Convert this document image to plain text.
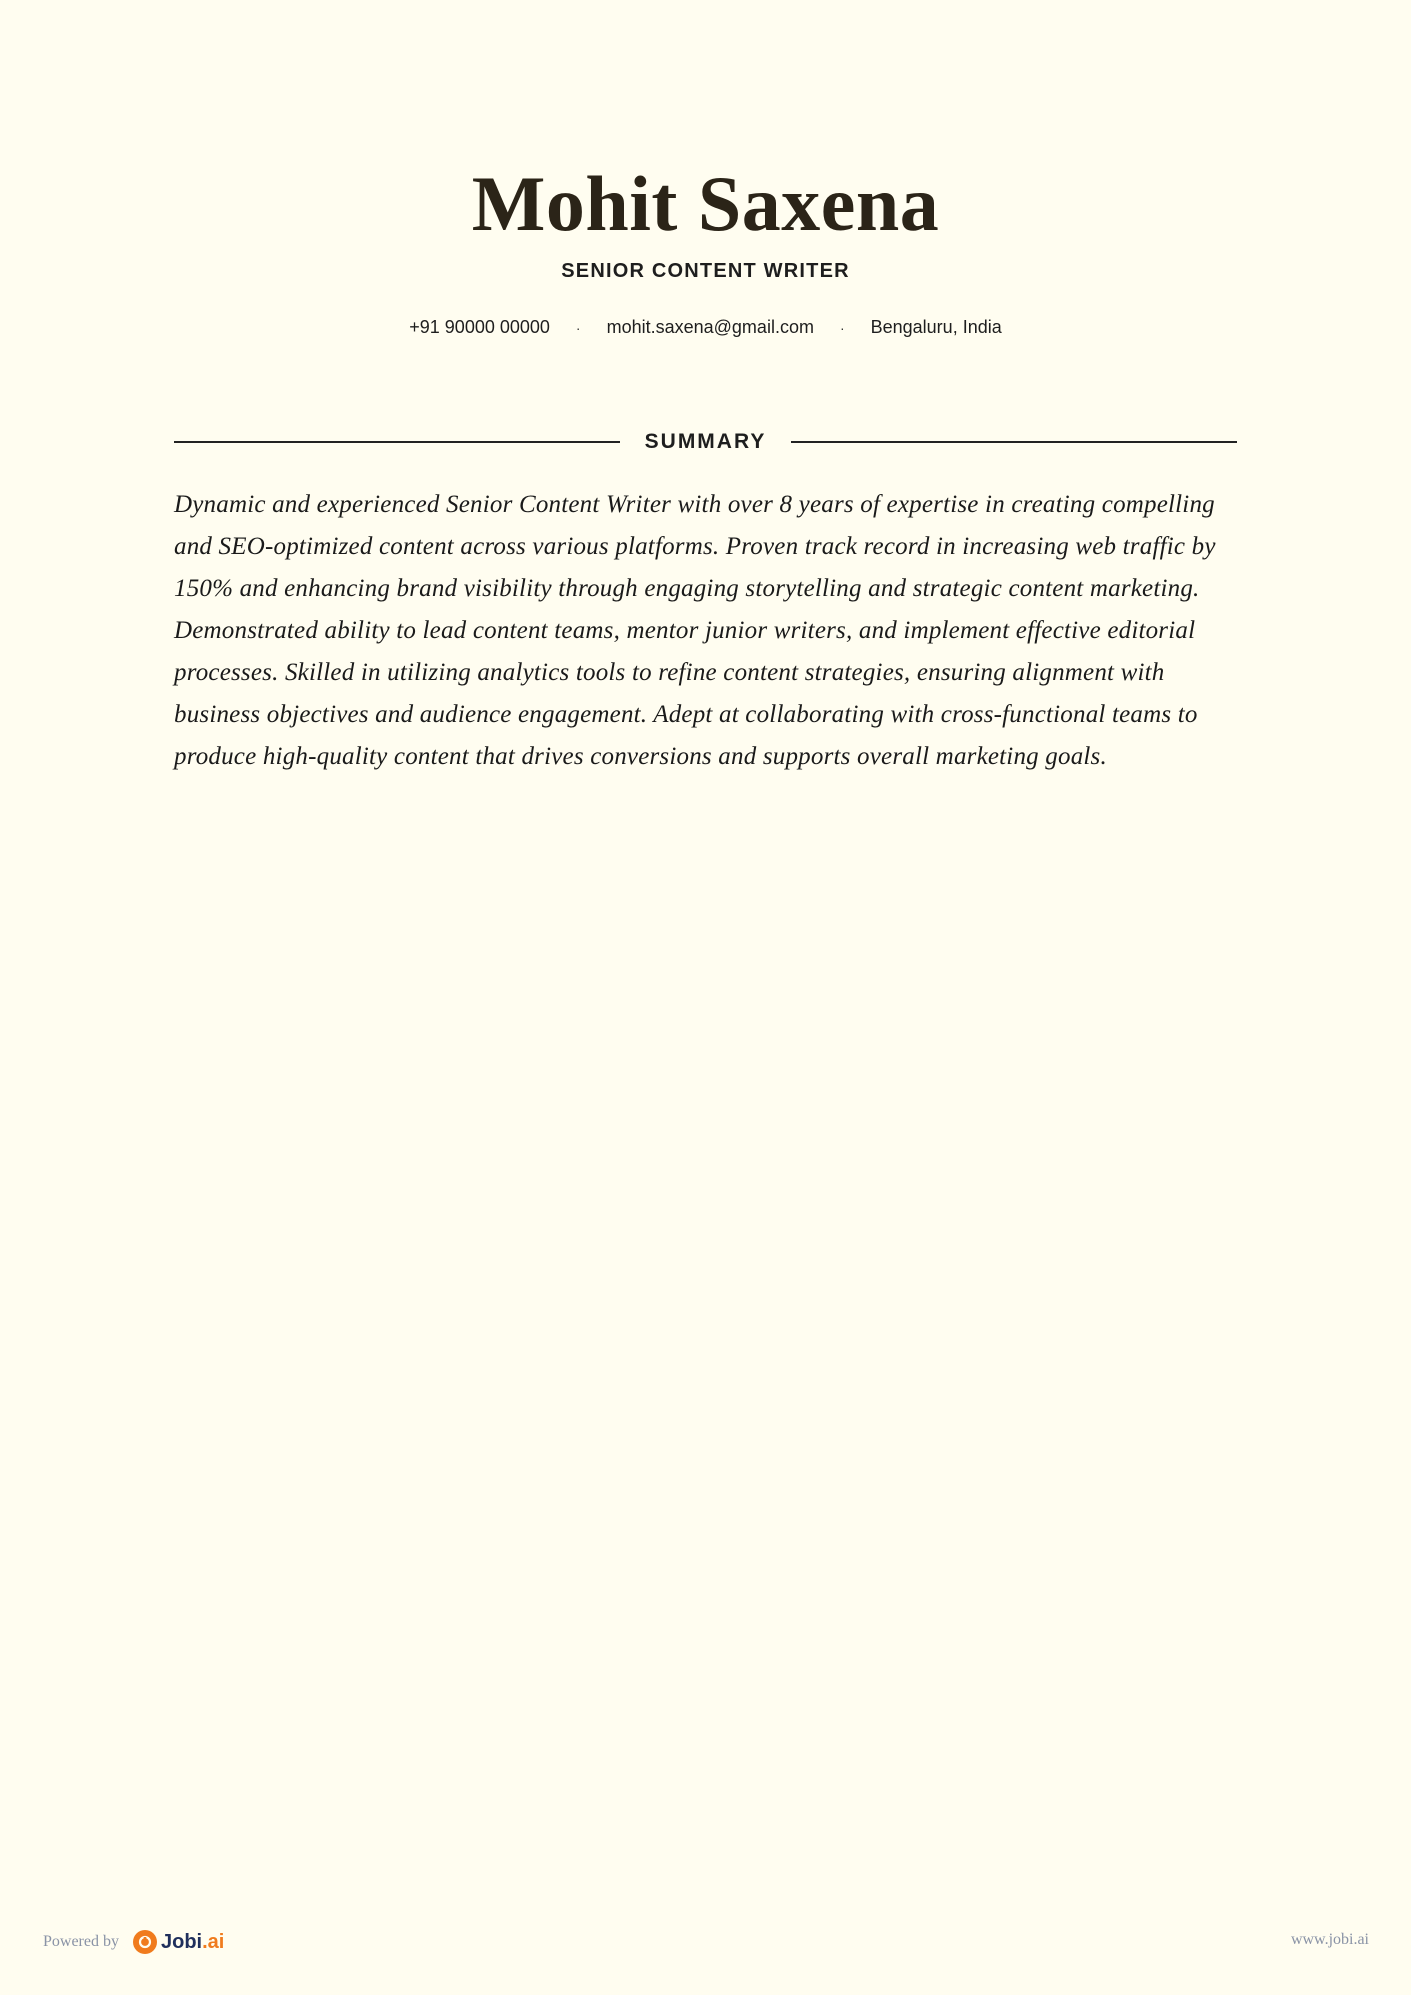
Mohit Saxena
SENIOR CONTENT WRITER
+91 90000 00000 · mohit.saxena@gmail.com · Bengaluru, India
SUMMARY

Dynamic and experienced Senior Content Writer with over 8 years of expertise in creating compelling and SEO-optimized content across various platforms. Proven track record in increasing web traffic by 150% and enhancing brand visibility through engaging storytelling and strategic content marketing. Demonstrated ability to lead content teams, mentor junior writers, and implement effective editorial processes. Skilled in utilizing analytics tools to refine content strategies, ensuring alignment with business objectives and audience engagement. Adept at collaborating with cross-functional teams to produce high-quality content that drives conversions and supports overall marketing goals.

Powered by Jobi.ai	www.jobi.ai
